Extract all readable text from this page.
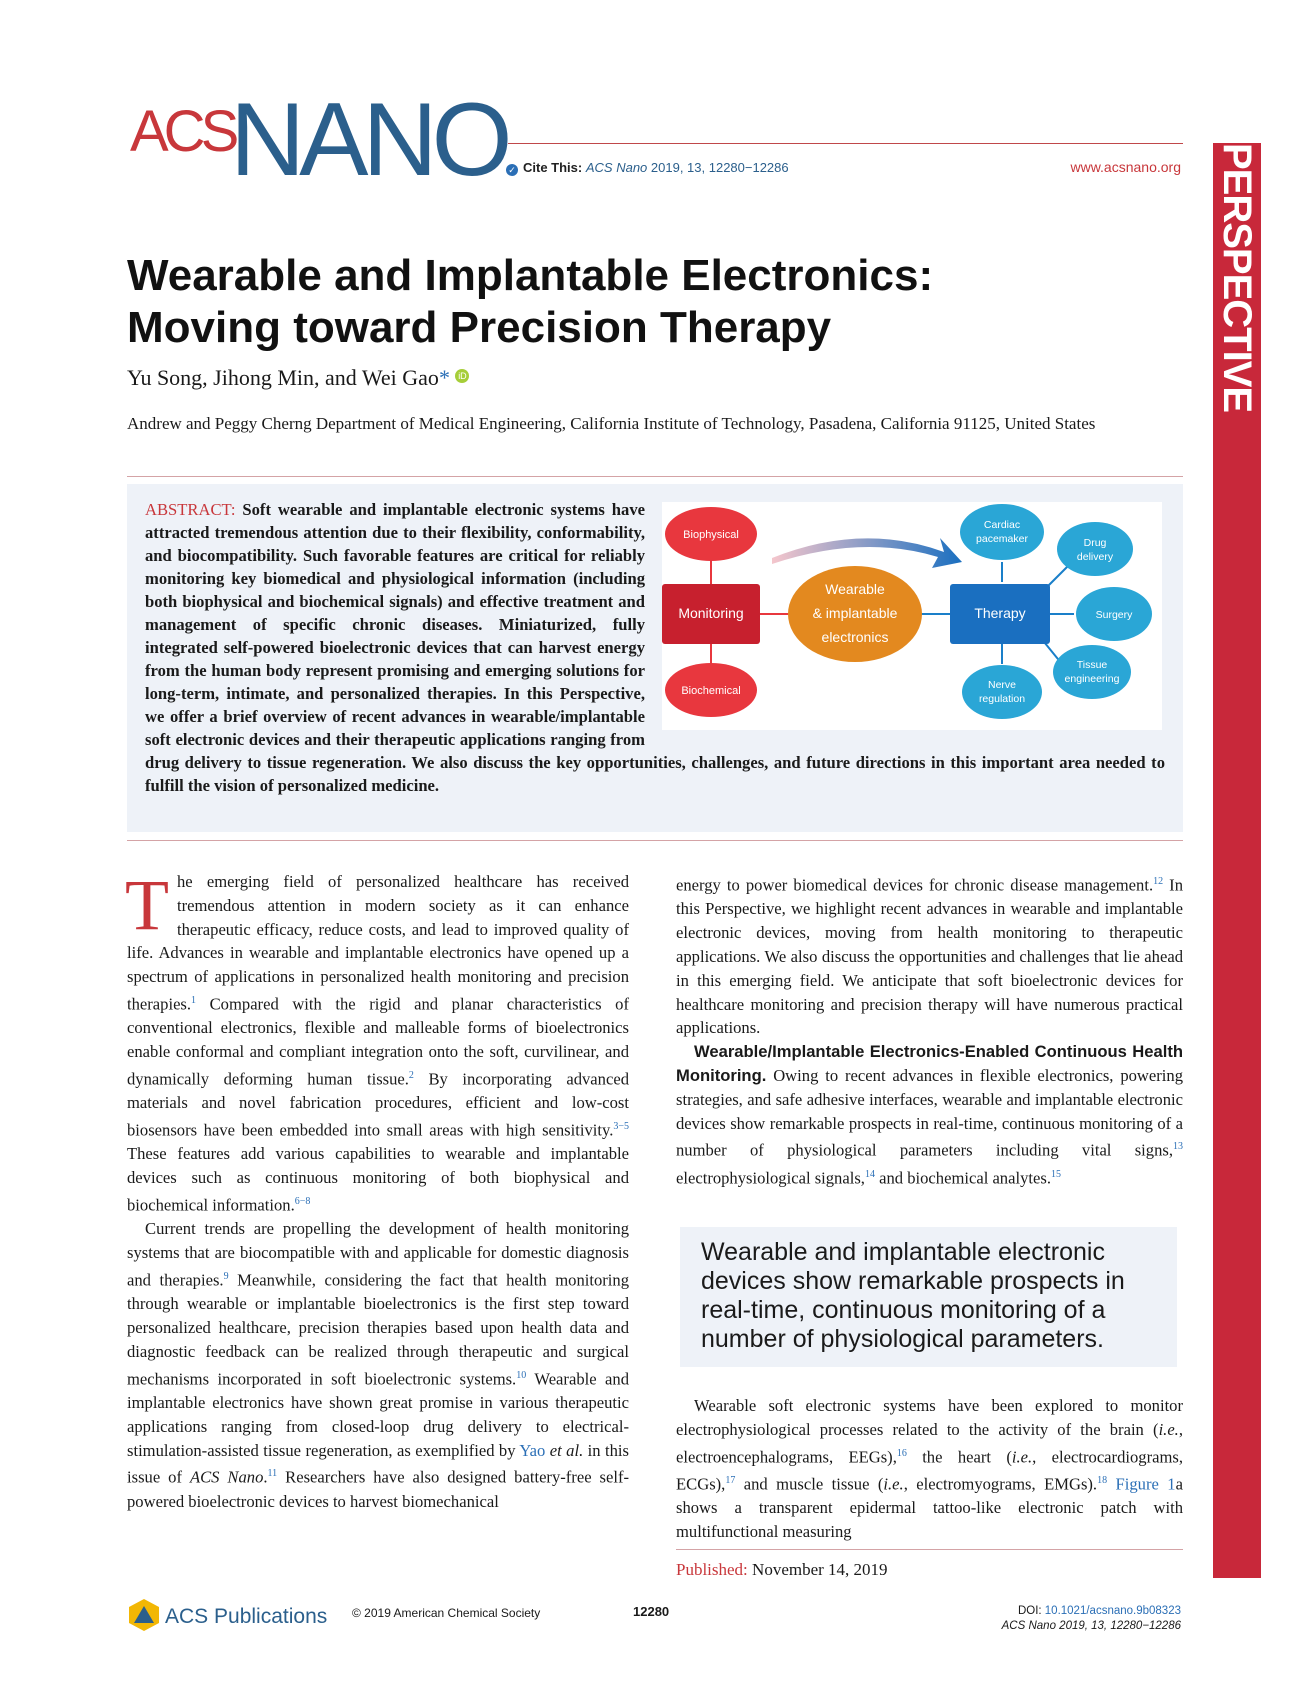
ACS
NANO ✓ Cite This: ACS Nano 2019, 13, 12280−12286	www.acsnano.org PERSPECTIVE
Wearable and Implantable Electronics:
Moving toward Precision Therapy
Yu Song, Jihong Min, and Wei Gao* iD
Andrew and Peggy Cherng Department of Medical Engineering, California Institute of Technology, Pasadena, California 91125, United States
ABSTRACT: Soft wearable and implantable electronic systems have attracted tremendous attention due to their flexibility, conformability, and biocompatibility. Such favorable features are critical for reliably monitoring key biomedical and physiological information (including both biophysical and biochemical signals) and effective treatment and management of specific chronic diseases. Miniaturized, fully integrated self-powered bioelectronic devices that can harvest energy from the human body represent promising and emerging solutions for long-term, intimate, and personalized therapies. In this Perspective, we offer a brief overview of recent advances in wearable/implantable soft electronic devices and their therapeutic applications ranging from drug delivery to tissue regeneration. We also discuss the key opportunities, challenges, and future directions in this important area needed to fulfill the vision of personalized medicine.
Biophysical
Monitoring
Biochemical
Wearable
& implantable
electronics
Therapy
Cardiac
pacemaker	Drug
delivery
Surgery
Tissue
engineering
Nerve
regulation

The emerging field of personalized healthcare has received tremendous attention in modern society as it can enhance therapeutic efficacy, reduce costs, and lead to improved quality of life. Advances in wearable and implantable electronics have opened up a spectrum of applications in personalized health monitoring and precision therapies.$^1$ Compared with the rigid and planar characteristics of conventional electronics, flexible and malleable forms of bioelectronics enable conformal and compliant integration onto the soft, curvilinear, and dynamically deforming human tissue.$^2$ By incorporating advanced materials and novel fabrication procedures, efficient and low-cost biosensors have been embedded into small areas with high sensitivity.$^{3-5}$ These features add various capabilities to wearable and implantable devices such as continuous monitoring of both biophysical and biochemical information.$^{6-8}$

Current trends are propelling the development of health monitoring systems that are biocompatible with and applicable for domestic diagnosis and therapies.$^9$ Meanwhile, considering the fact that health monitoring through wearable or implantable bioelectronics is the first step toward personalized healthcare, precision therapies based upon health data and diagnostic feedback can be realized through therapeutic and surgical mechanisms incorporated in soft bioelectronic systems.$^{10}$ Wearable and implantable electronics have shown great promise in various therapeutic applications ranging from closed-loop drug delivery to electrical-stimulation-assisted tissue regeneration, as exemplified by Yao et al. in this issue of ACS Nano.$^{11}$ Researchers have also designed battery-free self-powered bioelectronic devices to harvest biomechanical

energy to power biomedical devices for chronic disease management.$^{12}$ In this Perspective, we highlight recent advances in wearable and implantable electronic devices, moving from health monitoring to therapeutic applications. We also discuss the opportunities and challenges that lie ahead in this emerging field. We anticipate that soft bioelectronic devices for healthcare monitoring and precision therapy will have numerous practical applications.

Wearable/Implantable Electronics-Enabled Continuous Health Monitoring. Owing to recent advances in flexible electronics, powering strategies, and safe adhesive interfaces, wearable and implantable electronic devices show remarkable prospects in real-time, continuous monitoring of a number of physiological parameters including vital signs,$^{13}$ electrophysiological signals,$^{14}$ and biochemical analytes.$^{15}$

Wearable and implantable electronic devices show remarkable prospects in real-time, continuous monitoring of a number of physiological parameters.

Wearable soft electronic systems have been explored to monitor electrophysiological processes related to the activity of the brain (i.e., electroencephalograms, EEGs),$^{16}$ the heart (i.e., electrocardiograms, ECGs),$^{17}$ and muscle tissue (i.e., electromyograms, EMGs).$^{18}$ Figure 1a shows a transparent epidermal tattoo-like electronic patch with multifunctional measuring

Published: November 14, 2019
ACS Publications © 2019 American Chemical Society	12280	DOI: 10.1021/acsnano.9b08323
ACS Nano 2019, 13, 12280−12286
